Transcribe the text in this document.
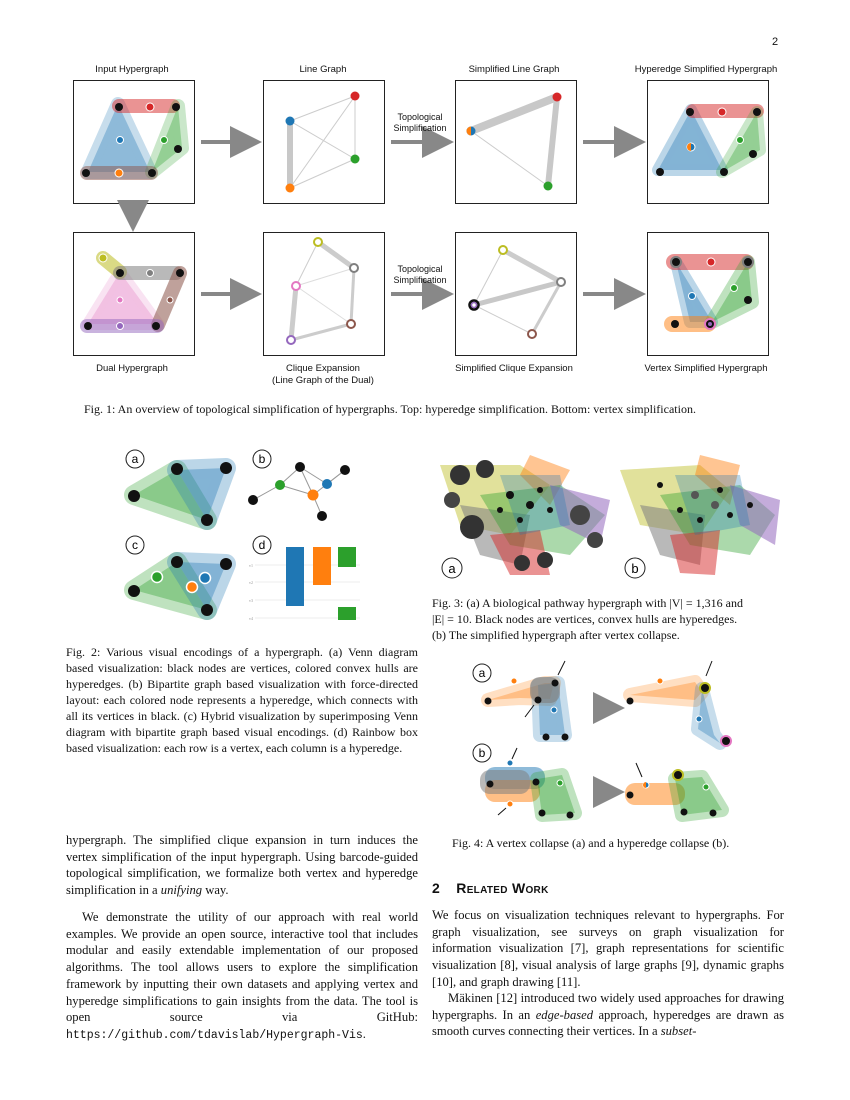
2
Input Hypergraph	Line Graph	Simplified Line Graph	Hyperedge Simplified Hypergraph
Topological
Simplification
Topological
Simplification
Dual Hypergraph	Clique Expansion
(Line Graph of the Dual)
Simplified Clique Expansion	Vertex Simplified Hypergraph
Fig. 1: An overview of topological simplification of hypergraphs. Top: hyperedge simplification. Bottom: vertex simplification.
a	b
c	d
v1
v2
v3
v4
Fig. 2: Various visual encodings of a hypergraph. (a) Venn diagram based visualization: black nodes are vertices, colored convex hulls are hyperedges. (b) Bipartite graph based visualization with force-directed layout: each colored node represents a hyperedge, which connects with all its vertices in black. (c) Hybrid visualization by superimposing Venn diagram with bipartite graph based visual encodings. (d) Rainbow box based visualization: each row is a vertex, each column is a hyperedge.
a	b
Fig. 3: (a) A biological pathway hypergraph with |V| = 1,316 and
|E| = 10. Black nodes are vertices, convex hulls are hyperedges.
(b) The simplified hypergraph after vertex collapse.
a
b
Fig. 4: A vertex collapse (a) and a hyperedge collapse (b).
hypergraph. The simplified clique expansion in turn induces the vertex simplification of the input hypergraph. Using barcode-guided topological simplification, we formalize both vertex and hyperedge simplification in a unifying way.
We demonstrate the utility of our approach with real world examples. We provide an open source, interactive tool that includes modular and easily extendable implementation of our proposed algorithms. The tool allows users to explore the simplification framework by inputting their own datasets and applying vertex and hyperedge simplifications to gain insights from the data. The tool is open source via GitHub: https://github.com/tdavislab/Hypergraph-Vis.
2 Related Work
We focus on visualization techniques relevant to hypergraphs. For graph visualization, see surveys on graph visualization for information visualization [7], graph representations for scientific visualization [8], visual analysis of large graphs [9], dynamic graphs [10], and graph drawing [11].
Mäkinen [12] introduced two widely used approaches for drawing hypergraphs. In an edge-based approach, hyperedges are drawn as smooth curves connecting their vertices. In a subset-
